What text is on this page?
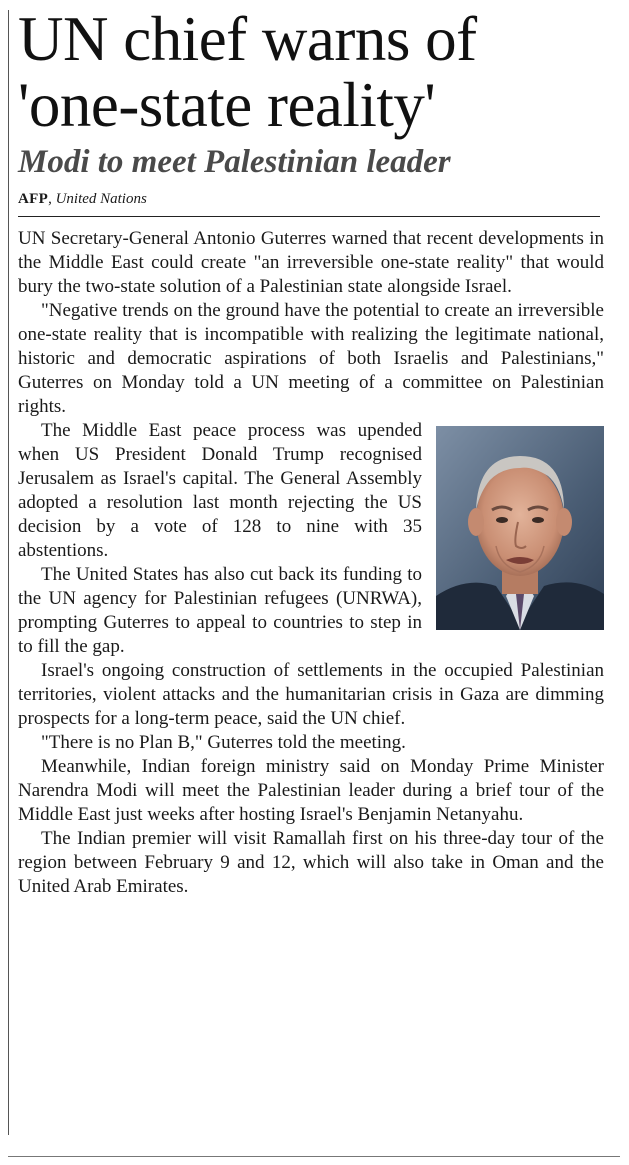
UN chief warns of
'one-state reality'
Modi to meet Palestinian leader
AFP, United Nations

UN Secretary-General Antonio Guterres warned that recent developments in the Middle East could create "an irreversible one-state reality" that would bury the two-state solution of a Palestinian state alongside Israel.

"Negative trends on the ground have the potential to create an irreversible one-state reality that is incompatible with realizing the legitimate national, historic and democratic aspirations of both Israelis and Palestinians," Guterres on Monday told a UN meeting of a committee on Palestinian rights.

The Middle East peace process was upended when US President Donald Trump recognised Jerusalem as Israel's capital. The General Assembly adopted a resolution last month rejecting the US decision by a vote of 128 to nine with 35 abstentions.

The United States has also cut back its funding to the UN agency for Palestinian refugees (UNRWA), prompting Guterres to appeal to countries to step in to fill the gap.

Israel's ongoing construction of settlements in the occupied Palestinian territories, violent attacks and the humanitarian crisis in Gaza are dimming prospects for a long-term peace, said the UN chief.

"There is no Plan B," Guterres told the meeting.

Meanwhile, Indian foreign ministry said on Monday Prime Minister Narendra Modi will meet the Palestinian leader during a brief tour of the Middle East just weeks after hosting Israel's Benjamin Netanyahu.

The Indian premier will visit Ramallah first on his three-day tour of the region between February 9 and 12, which will also take in Oman and the United Arab Emirates.
